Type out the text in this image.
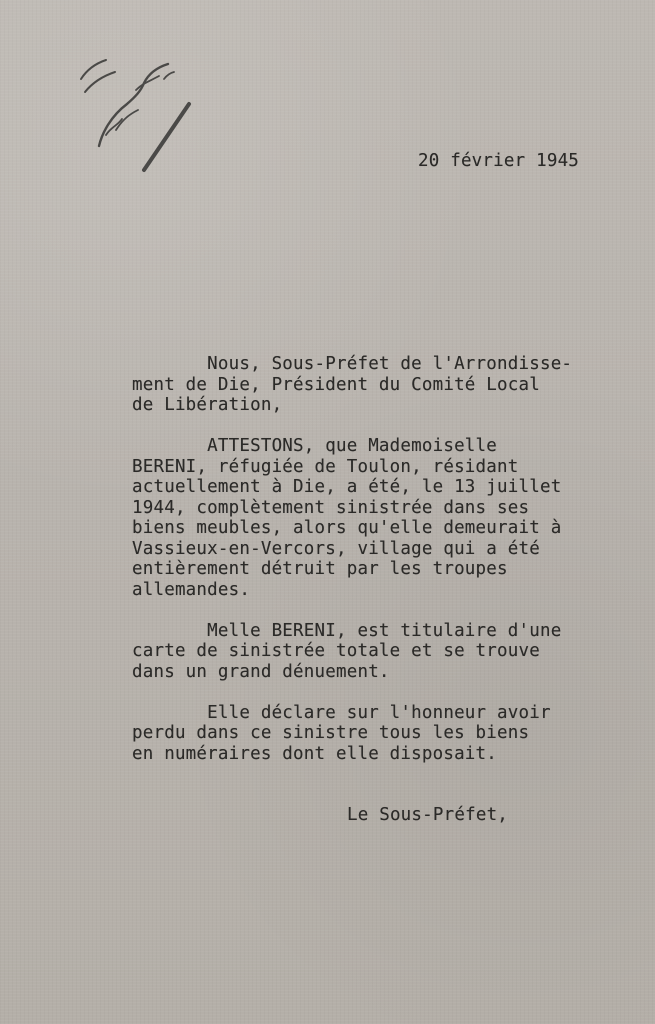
20 février 1945
Nous, Sous-Préfet de l'Arrondisse-
ment de Die, Président du Comité Local
de Libération,

ATTESTONS, que Mademoiselle
BERENI, réfugiée de Toulon, résidant
actuellement à Die, a été, le 13 juillet
1944, complètement sinistrée dans ses
biens meubles, alors qu'elle demeurait à
Vassieux-en-Vercors, village qui a été
entièrement détruit par les troupes
allemandes.

Melle BERENI, est titulaire d'une
carte de sinistrée totale et se trouve
dans un grand dénuement.

Elle déclare sur l'honneur avoir
perdu dans ce sinistre tous les biens
en numéraires dont elle disposait.
Le Sous-Préfet,
